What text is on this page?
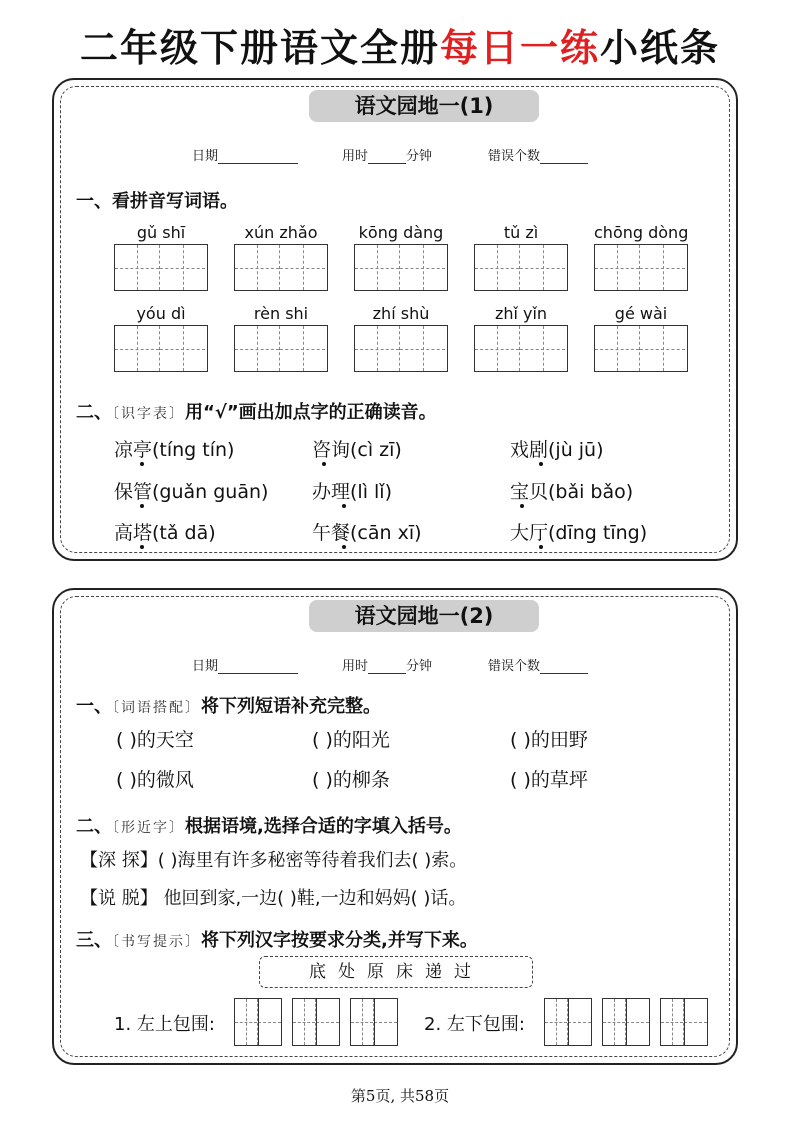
二年级下册语文全册每日一练小纸条
语文园地一(1)
日期	用时	分钟	错误个数
一、看拼音写词语。
gǔ shī	xún zhǎo	kōng dàng	tǔ zì	chōng dòng
yóu dì	rèn shi	zhí shù	zhǐ yǐn	gé wài
二、〔识字表〕用“√”画出加点字的正确读音。
凉亭(tíng tín)	咨询(cì zī)	戏剧(jù jū)
保管(guǎn guān) 办理(lì lǐ)	宝贝(bǎi bǎo)
高塔(tǎ dā)	午餐(cān xī)	大厅(dīng tīng)
语文园地一(2)
日期	用时	分钟	错误个数
一、〔词语搭配〕将下列短语补充完整。
( )的天空	( )的阳光	( )的田野
( )的微风	( )的柳条	( )的草坪
二、〔形近字〕根据语境,选择合适的字填入括号。
【深 探】( )海里有许多秘密等待着我们去( )索。
【说 脱】 他回到家,一边( )鞋,一边和妈妈( )话。
三、〔书写提示〕将下列汉字按要求分类,并写下来。
底处原床递过
1. 左上包围:	2. 左下包围:
第5页, 共58页
